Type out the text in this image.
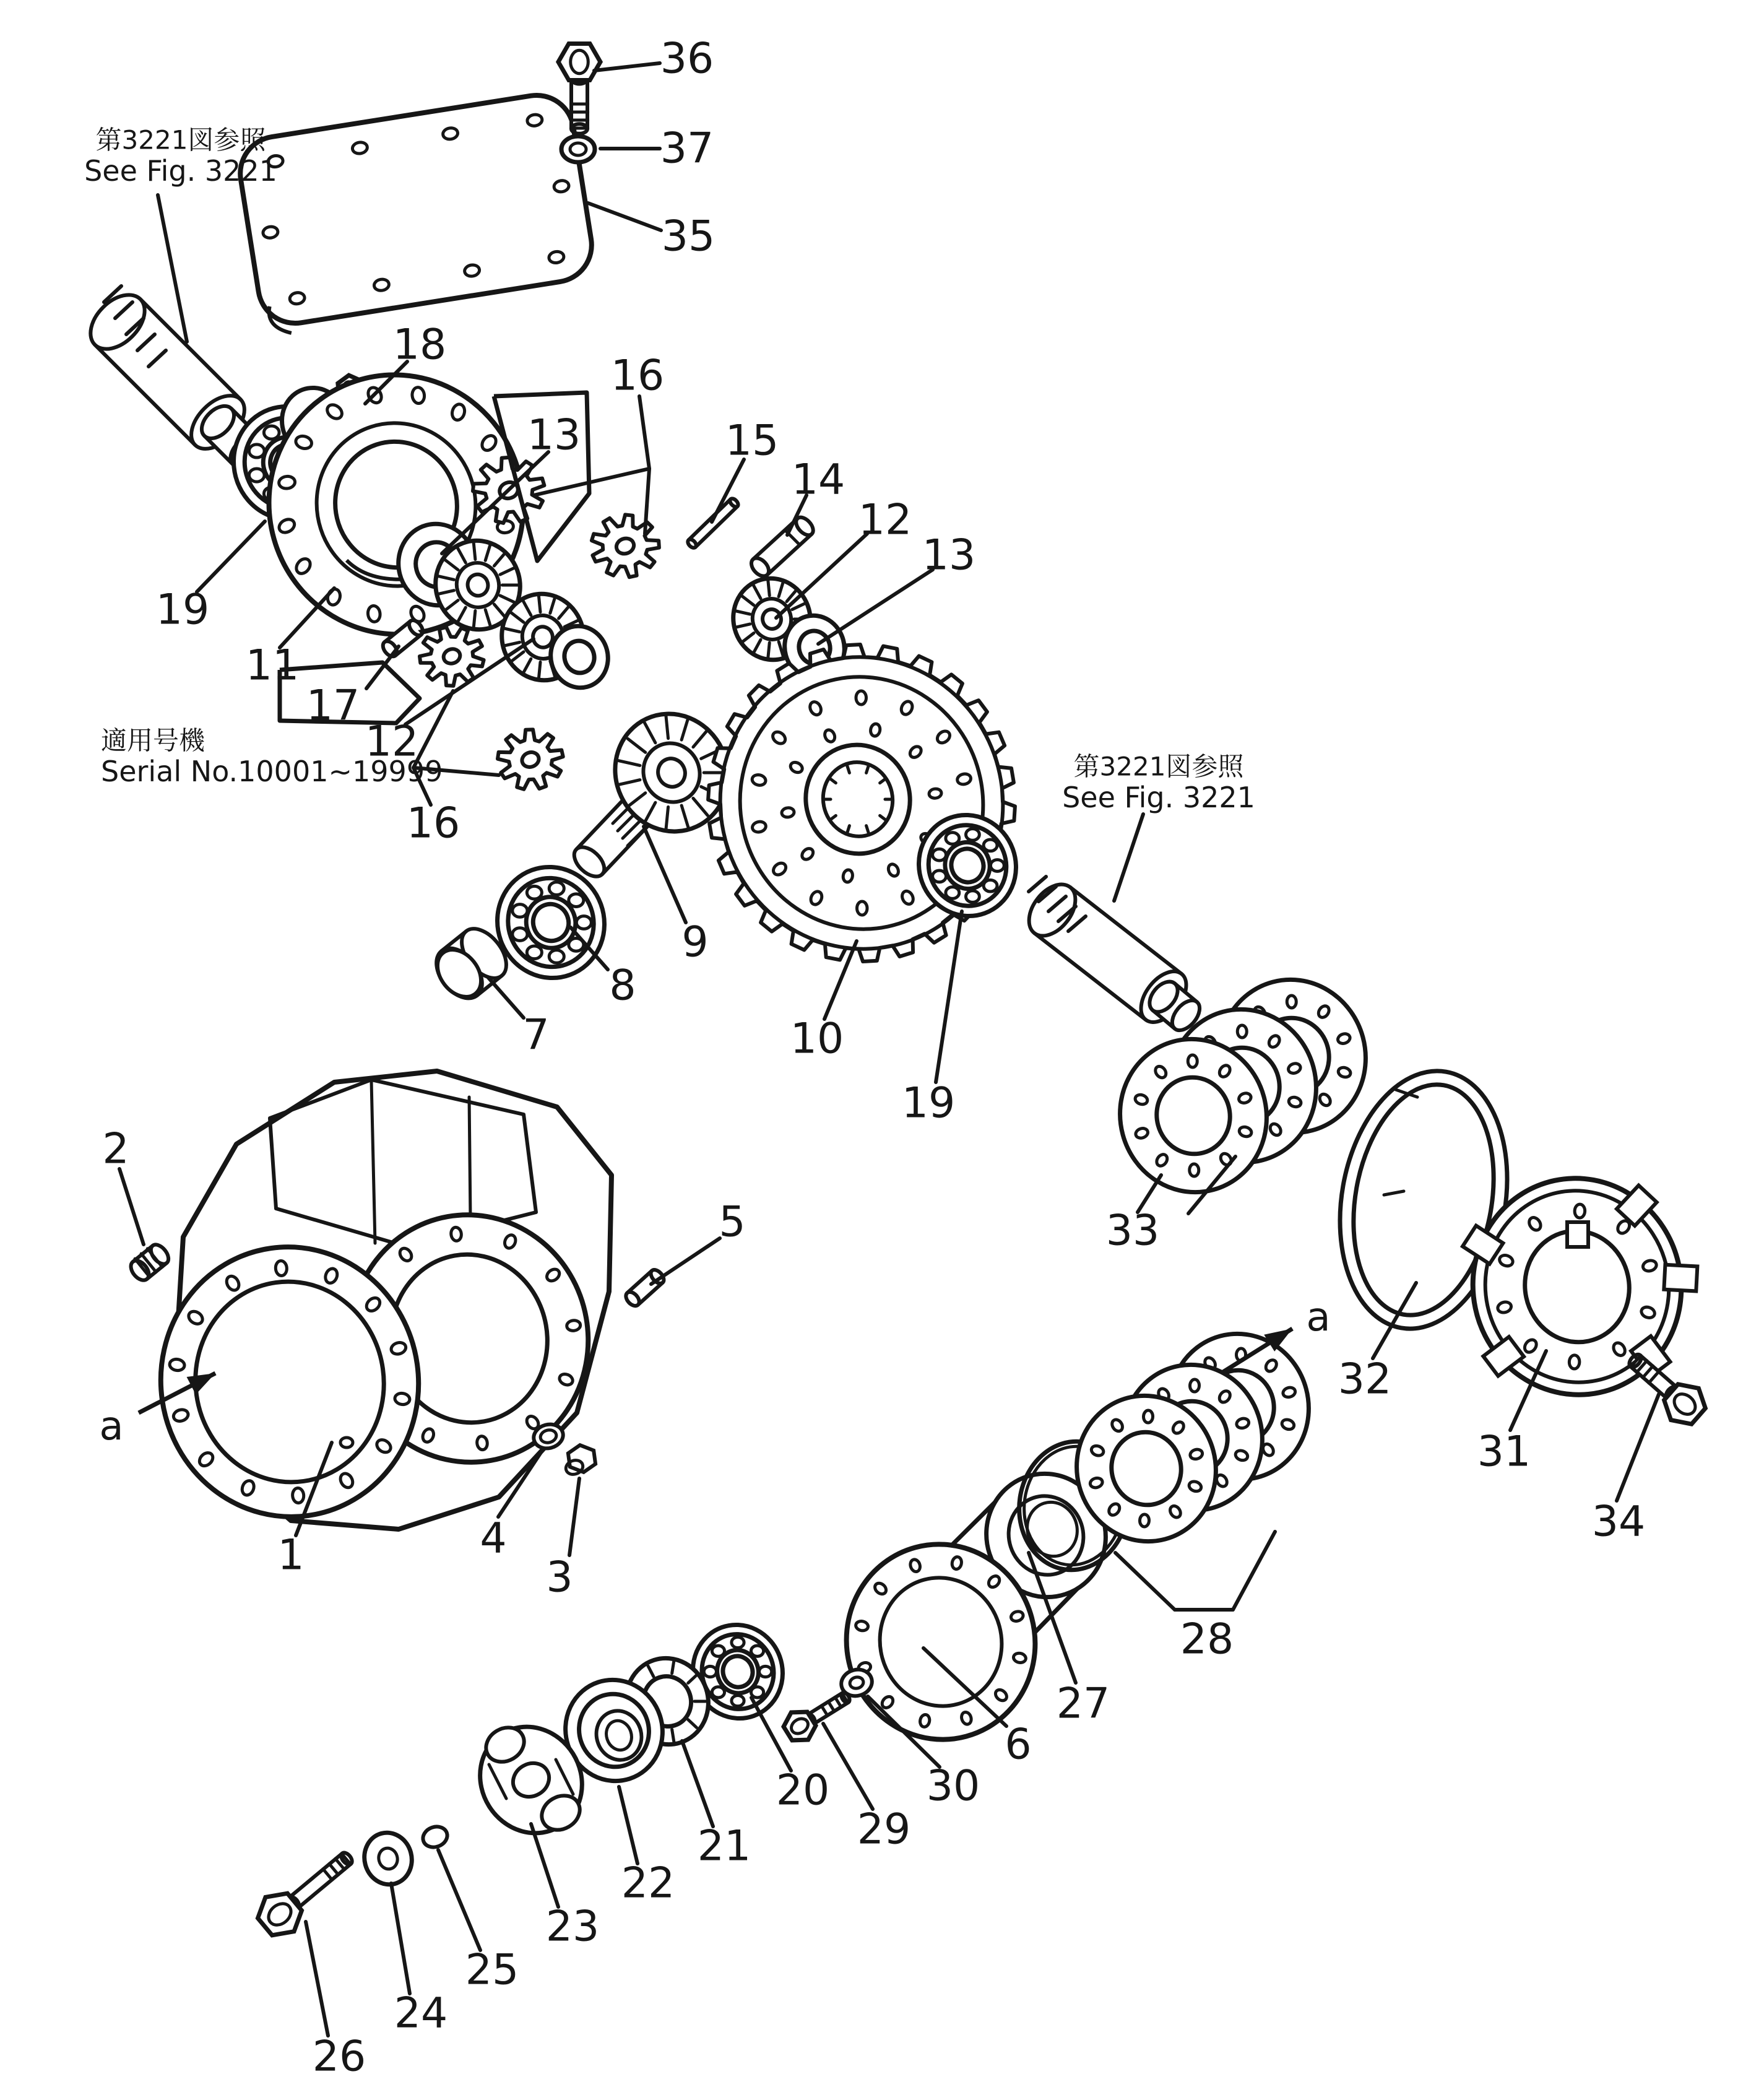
36
37
35
18
13
16
15
14
12
13
19
11
17
12
16
9
8
7	10
19
33
32
31
34
2
5
1	4
3
28
27
6
30
29
20
21
22
23
25
24
26
a
a
第3221図参照
See Fig. 3221
適用号機
Serial No.10001~19999	第3221図参照
See Fig. 3221
